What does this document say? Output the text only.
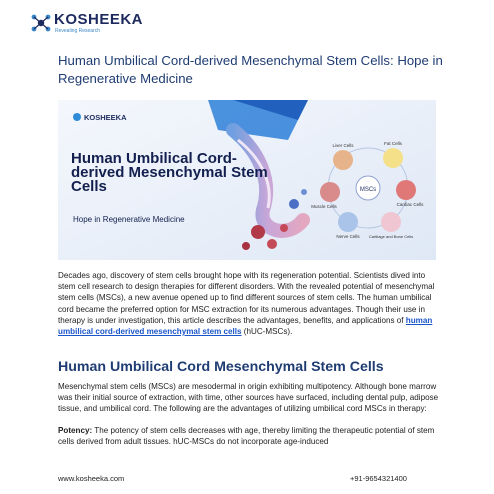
KOSHEEKA
Revealing Research
Human Umbilical Cord-derived Mesenchymal Stem Cells: Hope in Regenerative Medicine
MSCs
Liver Cells	Fat Cells
Cardiac Cells
Muscle Cells
Nerve Cells Cartilage and Bone Cells
KOSHEEKA
Human Umbilical Cord-derived Mesenchymal Stem Cells
Hope in Regenerative Medicine

Decades ago, discovery of stem cells brought hope with its regeneration potential. Scientists dived into stem cell research to design therapies for different disorders. With the revealed potential of mesenchymal stem cells (MSCs), a new avenue opened up to find different sources of stem cells. The human umbilical cord became the preferred option for MSC extraction for its numerous advantages. Though their use in therapy is under investigation, this article describes the advantages, benefits, and applications of human umbilical cord-derived mesenchymal stem cells (hUC-MSCs).

Human Umbilical Cord Mesenchymal Stem Cells

Mesenchymal stem cells (MSCs) are mesodermal in origin exhibiting multipotency. Although bone marrow was their initial source of extraction, with time, other sources have surfaced, including dental pulp, adipose tissue, and umbilical cord. The following are the advantages of utilizing umbilical cord MSCs in therapy:

Potency: The potency of stem cells decreases with age, thereby limiting the therapeutic potential of stem cells derived from adult tissues. hUC-MSCs do not incorporate age-induced

www.kosheeka.com	+91-9654321400
